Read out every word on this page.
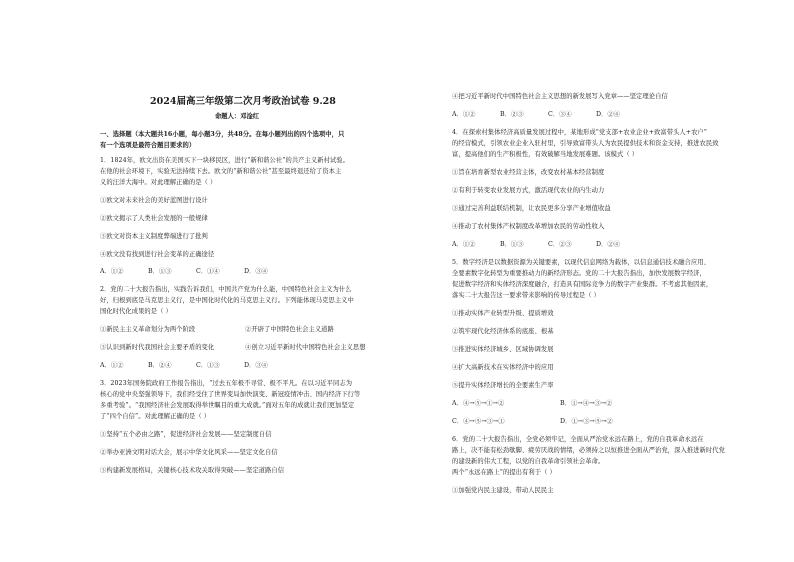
2024届高三年级第二次月考政治试卷 9.28
命题人：邓淦红
一、选择题（本大题共16小题，每小题3分，共48分。在每小题列出的四个选项中，只
有一个选项是最符合题目要求的）
1．1824年，欧文出资在美国买下一块移民区，进行“新和谐公社”的共产主义新村试验。
在他的社会环境下，实验无法持续下去。欧文的“新和谐公社”甚至最终退还给了资本主
义的汪洋大海中。对此理解正确的是（ ）
①欧文对未来社会的美好蓝图进行设计
②欧文揭示了人类社会发展的一般规律
③欧文对资本主义制度弊端进行了批判
④欧文没有找到进行社会变革的正确途径
A．①②	B．①③	C．①④	D．③④
2．党的二十大报告指出，实践告诉我们，中国共产党为什么能，中国特色社会主义为什么
好，归根到底是马克思主义行，是中国化时代化的马克思主义行。下列能体现马克思主义中
国化时代化成果的是（ ）
①新民主主义革命划分为两个阶段	②开辟了中国特色社会主义道路
③认识到新时代我国社会主要矛盾的变化	④创立习近平新时代中国特色社会主义思想
A．①②	B．②④	C．①③	D．③④
3．2023年国务院政府工作报告指出，“过去五年极不寻常、极不平凡。在以习近平同志为
核心的党中央坚强领导下，我们经受住了世界变局加快演变、新冠疫情冲击、国内经济下行等
多重考验”。“我国经济社会发展取得举世瞩目的重大成就。”面对五年的成就让我们更加坚定
了“四个自信”。对此理解正确的是（ ）
①坚持“五个必由之路”，促进经济社会发展——坚定制度自信
②举办亚洲文明对话大会，展示中华文化风采——坚定文化自信
③构建新发展格局，关键核心技术攻关取得突破——坚定道路自信
④把习近平新时代中国特色社会主义思想的新发展写入党章——坚定理论自信
A．①②	B．②③	C．③④	D．②④
4．在探索村集体经济高质量发展过程中，某地形成“党支部+农业企业+致富带头人+农户”
的经营模式，引领农业企业入驻村里，引导致富带头人为农民提供技术和资金支持，推进农民致
富，提高他们的生产积极性，有效破解当地发展难题。该模式（ ）
①旨在培育新型农业经营主体，改变农村基本经营制度
②有利于转变农业发展方式，激活现代农业的内生动力
③通过完善利益联结机制，让农民更多分享产业增值收益
④推动了农村集体产权制度改革增加农民的劳动性收入
A．①②	B．①③	C．②③	D．②④
5．数字经济是以数据资源为关键要素，以现代信息网络为载体，以信息通信技术融合应用、
全要素数字化转型为重要推动力的新经济形态。党的二十大报告指出，加快发展数字经济，
促进数字经济和实体经济深度融合，打造具有国际竞争力的数字产业集群。不考虑其他因素，
落实二十大报告这一要求带来影响的传导过程是（ ）
①推动实体产业转型升级、提质增效
②筑牢现代化经济体系的底座、根基
③推进实体经济城乡、区域协调发展
④扩大高新技术在实体经济中的应用
⑤提升实体经济增长的全要素生产率
A．④→⑤→①→②	B．①→④→③→②
C．④→⑤→③→①	D．①→③→⑤→②
6．党的二十大报告指出，全党必须牢记，全面从严治党永远在路上，党的自我革命永远在
路上，决不能有松劲歇脚、疲劳厌战的情绪，必须持之以恒推进全面从严治党，深入推进新时代党
的建设新的伟大工程，以党的自我革命引领社会革命。
两个“永远在路上”的提出有利于（ ）
①加强党内民主建设，带动人民民主
